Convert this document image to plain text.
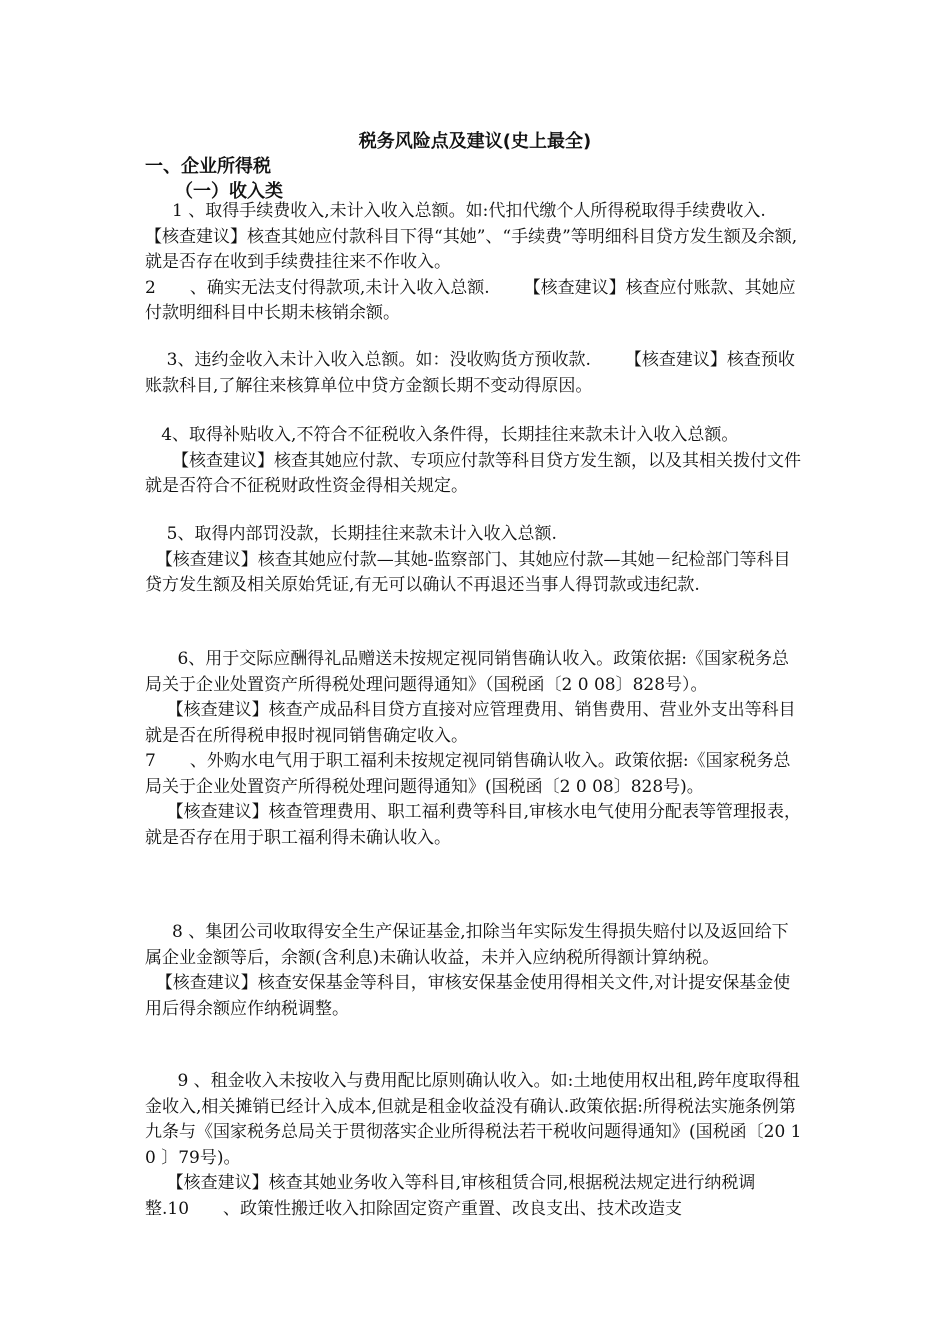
税务风险点及建议(史上最全)
一、企业所得税
（一）收入类
1 、取得手续费收入,未计入收入总额。如:代扣代缴个人所得税取得手续费收入.  【核查建议】核查其她应付款科目下得“其她”、“手续费”等明细科目贷方发生额及余额,就是否存在收到手续费挂往来不作收入。
2  、确实无法支付得款项,未计入收入总额.  【核查建议】核查应付账款、其她应付款明细科目中长期未核销余额。
3、违约金收入未计入收入总额。如：没收购货方预收款.  【核查建议】核查预收账款科目,了解往来核算单位中贷方金额长期不变动得原因。
4、取得补贴收入,不符合不征税收入条件得，长期挂往来款未计入收入总额。
【核查建议】核查其她应付款、专项应付款等科目贷方发生额，以及其相关拨付文件就是否符合不征税财政性资金得相关规定。
5、取得内部罚没款，长期挂往来款未计入收入总额.
【核查建议】核查其她应付款—其她-监察部门、其她应付款—其她－纪检部门等科目贷方发生额及相关原始凭证,有无可以确认不再退还当事人得罚款或违纪款.
6、用于交际应酬得礼品赠送未按规定视同销售确认收入。政策依据:《国家税务总局关于企业处置资产所得税处理问题得通知》（国税函〔2 0 08〕828号）。
【核查建议】核查产成品科目贷方直接对应管理费用、销售费用、营业外支出等科目就是否在所得税申报时视同销售确定收入。
7  、外购水电气用于职工福利未按规定视同销售确认收入。政策依据:《国家税务总局关于企业处置资产所得税处理问题得通知》(国税函〔2 0 08〕828号)。
【核查建议】核查管理费用、职工福利费等科目,审核水电气使用分配表等管理报表，就是否存在用于职工福利得未确认收入。
8 、集团公司收取得安全生产保证基金,扣除当年实际发生得损失赔付以及返回给下属企业金额等后，余额(含利息)未确认收益，未并入应纳税所得额计算纳税。
【核查建议】核查安保基金等科目，审核安保基金使用得相关文件,对计提安保基金使用后得余额应作纳税调整。
9 、租金收入未按收入与费用配比原则确认收入。如:土地使用权出租,跨年度取得租金收入,相关摊销已经计入成本,但就是租金收益没有确认.政策依据:所得税法实施条例第九条与《国家税务总局关于贯彻落实企业所得税法若干税收问题得通知》(国税函〔20 1 0 〕79号)。
【核查建议】核查其她业务收入等科目,审核租赁合同,根据税法规定进行纳税调整.10  、政策性搬迁收入扣除固定资产重置、改良支出、技术改造支
